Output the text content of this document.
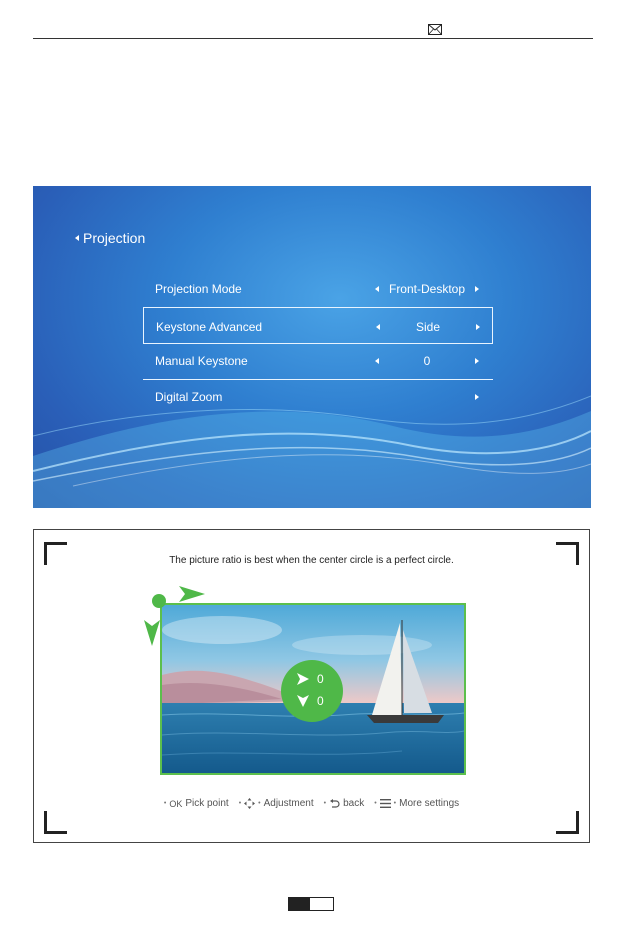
Projection
Projection Mode	Front-Desktop
Keystone Advanced	Side
Manual Keystone	0
Digital Zoom
The picture ratio is best when the center circle is a perfect circle.
0
0
• OK Pick point • • Adjustment • back • • More settings
